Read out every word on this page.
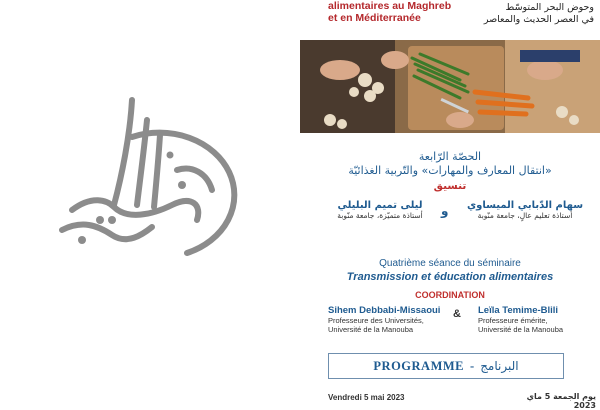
alimentaires au Maghreb
et en Méditerranée
وحوض البحر المتوسّط
في العصر الحديث والمعاصر
الحصّة الرّابعة
«انتقال المعارف والمهارات» والتّربية الغذائيّة
تنسيق
سهام الدّبابي الميساوي
أستاذة تعليم عالٍ، جامعة منّوبة
و
ليلى تميم البليلي
أستاذة متميّزة، جامعة منّوبة
Quatrième séance du séminaire
Transmission et éducation alimentaires
COORDINATION
Sihem Debbabi-Missaoui
Professeure des Universités,
Université de la Manouba
& Leïla Temime-Blili
Professeure émérite,
Université de la Manouba
PROGRAMME - البرنامج
Vendredi 5 mai 2023	يوم الجمعة 5 ماي 2023
